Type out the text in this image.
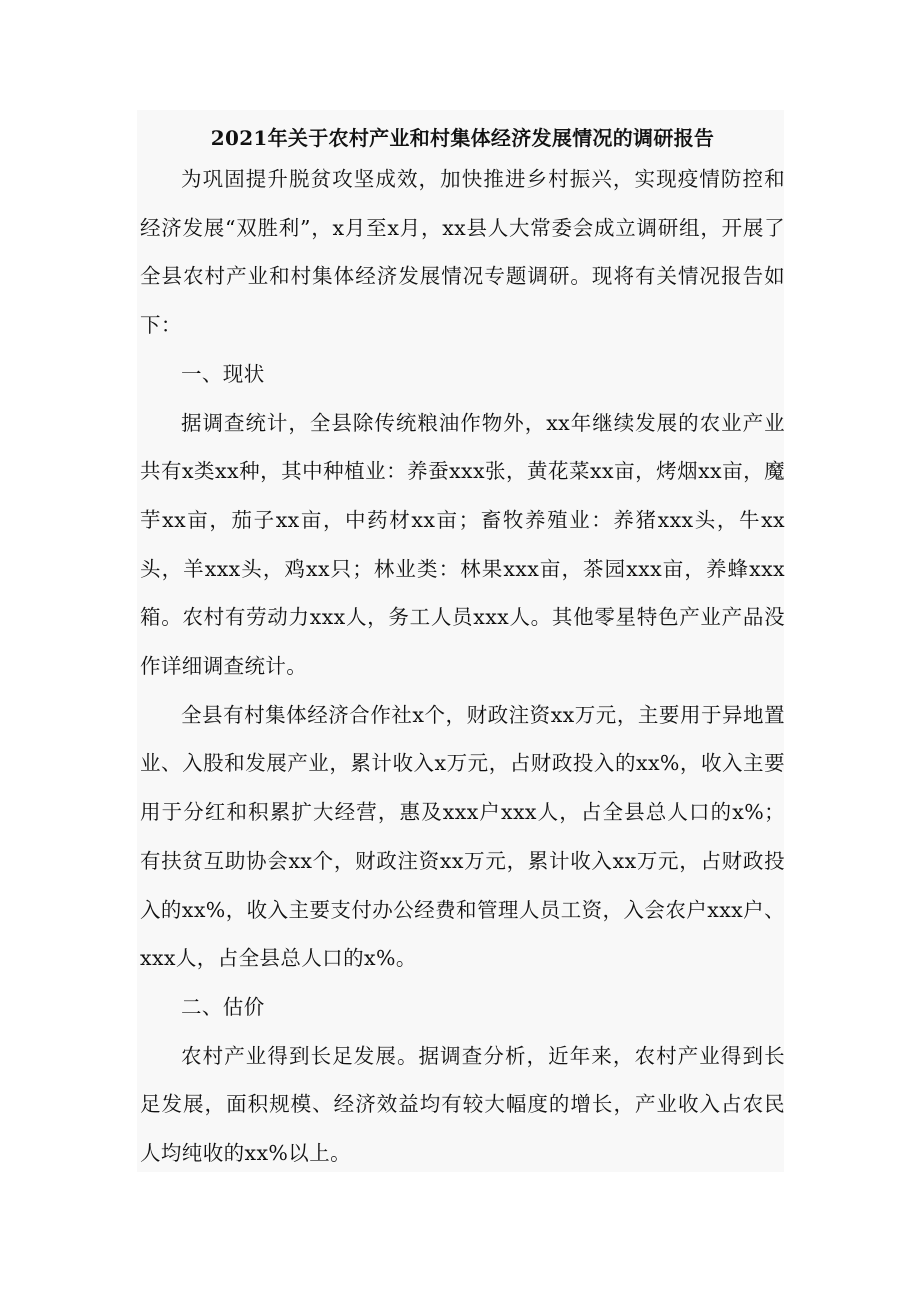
2021年关于农村产业和村集体经济发展情况的调研报告

为巩固提升脱贫攻坚成效，加快推进乡村振兴，实现疫情防控和经济发展“双胜利”，x月至x月，xx县人大常委会成立调研组，开展了全县农村产业和村集体经济发展情况专题调研。现将有关情况报告如下：

一、现状

据调查统计，全县除传统粮油作物外，xx年继续发展的农业产业共有x类xx种，其中种植业：养蚕xxx张，黄花菜xx亩，烤烟xx亩，魔芋xx亩，茄子xx亩，中药材xx亩；畜牧养殖业：养猪xxx头，牛xx头，羊xxx头，鸡xx只；林业类：林果xxx亩，茶园xxx亩，养蜂xxx箱。农村有劳动力xxx人，务工人员xxx人。其他零星特色产业产品没作详细调查统计。

全县有村集体经济合作社x个，财政注资xx万元，主要用于异地置业、入股和发展产业，累计收入x万元，占财政投入的xx%，收入主要用于分红和积累扩大经营，惠及xxx户xxx人，占全县总人口的x%；有扶贫互助协会xx个，财政注资xx万元，累计收入xx万元，占财政投入的xx%，收入主要支付办公经费和管理人员工资，入会农户xxx户、xxx人，占全县总人口的x%。

二、估价

农村产业得到长足发展。据调查分析，近年来，农村产业得到长足发展，面积规模、经济效益均有较大幅度的增长，产业收入占农民人均纯收的xx%以上。
